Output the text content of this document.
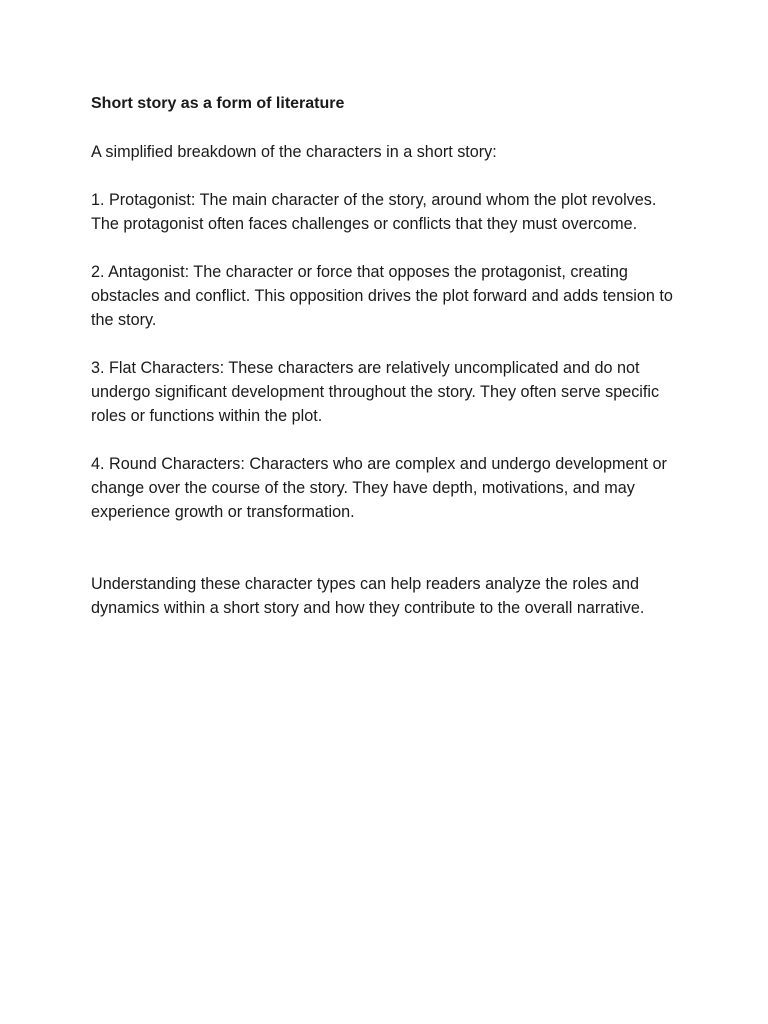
Short story as a form of literature

A simplified breakdown of the characters in a short story:

1. Protagonist: The main character of the story, around whom the plot revolves. The protagonist often faces challenges or conflicts that they must overcome.

2. Antagonist: The character or force that opposes the protagonist, creating obstacles and conflict. This opposition drives the plot forward and adds tension to the story.

3. Flat Characters: These characters are relatively uncomplicated and do not undergo significant development throughout the story. They often serve specific roles or functions within the plot.

4. Round Characters: Characters who are complex and undergo development or change over the course of the story. They have depth, motivations, and may experience growth or transformation.

Understanding these character types can help readers analyze the roles and dynamics within a short story and how they contribute to the overall narrative.
